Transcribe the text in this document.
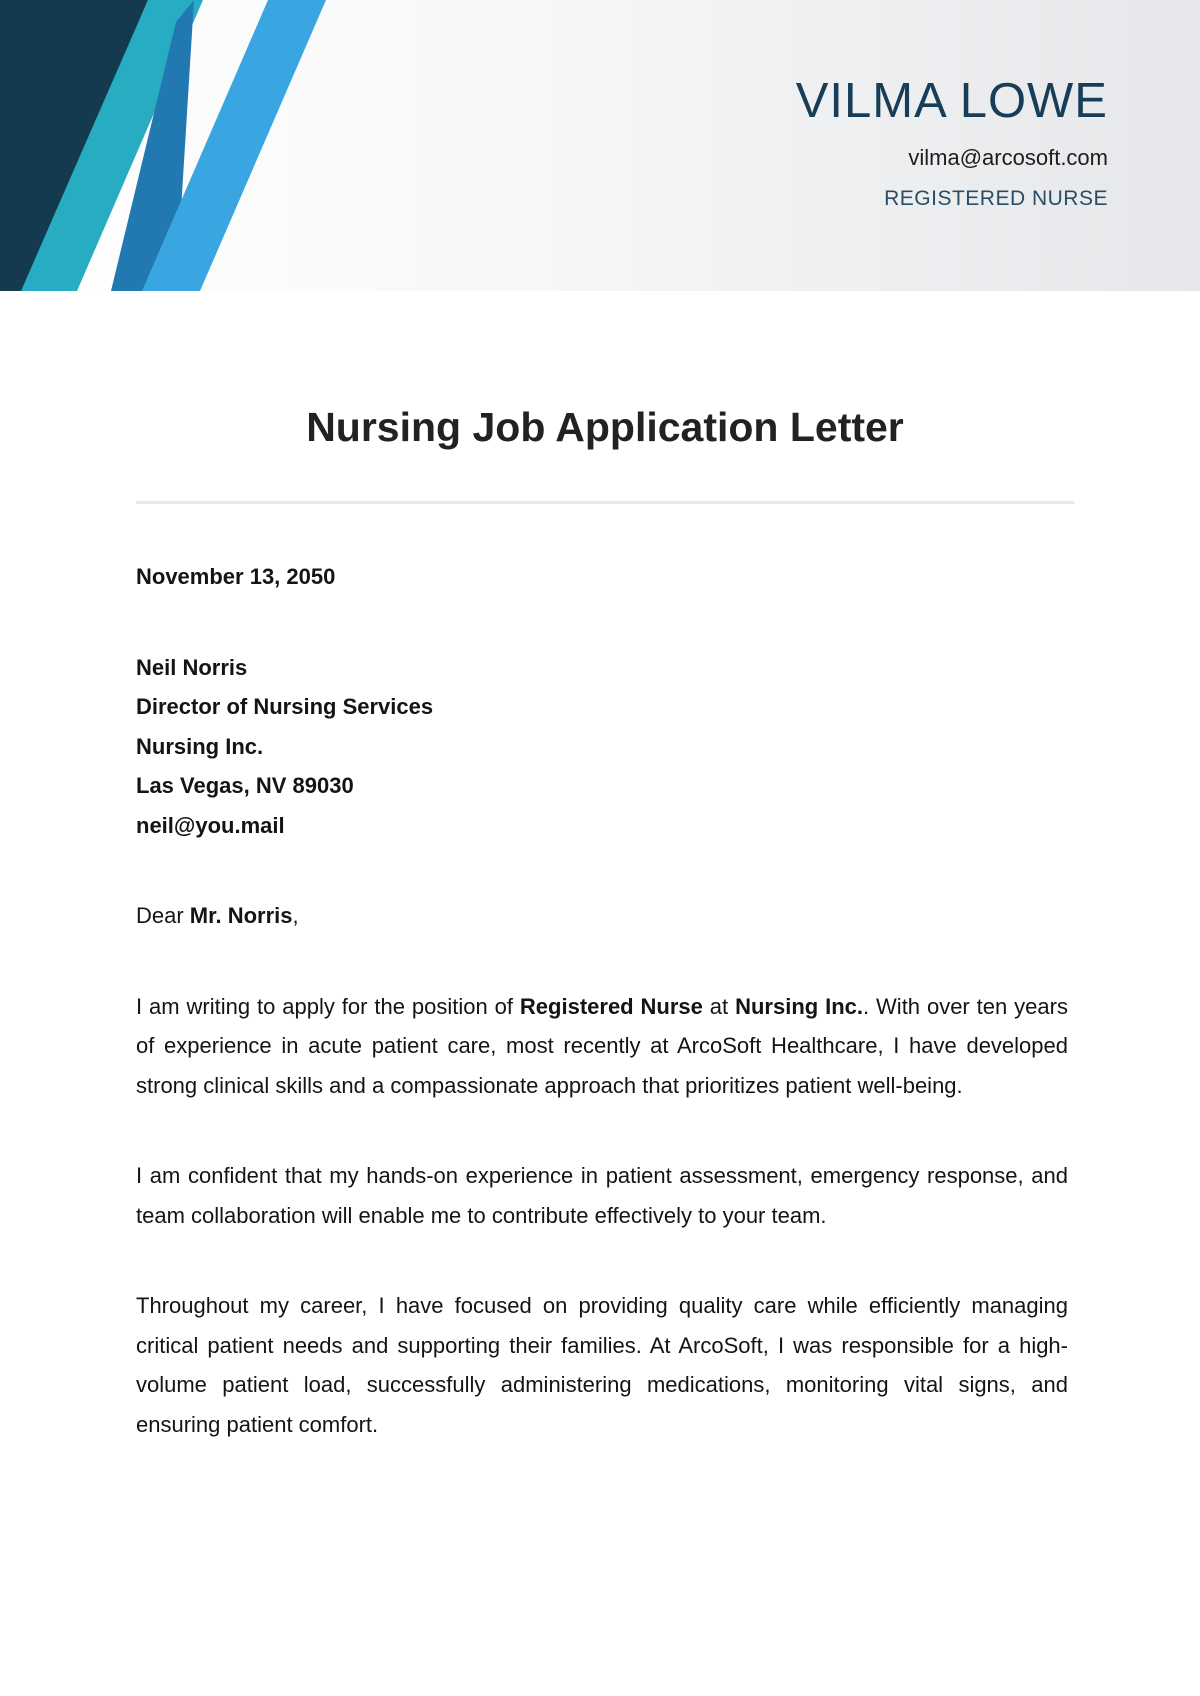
VILMA LOWE
vilma@arcosoft.com
REGISTERED NURSE
Nursing Job Application Letter
November 13, 2050
Neil Norris
Director of Nursing Services
Nursing Inc.
Las Vegas, NV 89030
neil@you.mail
Dear Mr. Norris,
I am writing to apply for the position of Registered Nurse at Nursing Inc.. With over ten years of experience in acute patient care, most recently at ArcoSoft Healthcare, I have developed strong clinical skills and a compassionate approach that prioritizes patient well-being.
I am confident that my hands-on experience in patient assessment, emergency response, and team collaboration will enable me to contribute effectively to your team.
Throughout my career, I have focused on providing quality care while efficiently managing critical patient needs and supporting their families. At ArcoSoft, I was responsible for a high-volume patient load, successfully administering medications, monitoring vital signs, and ensuring patient comfort.
